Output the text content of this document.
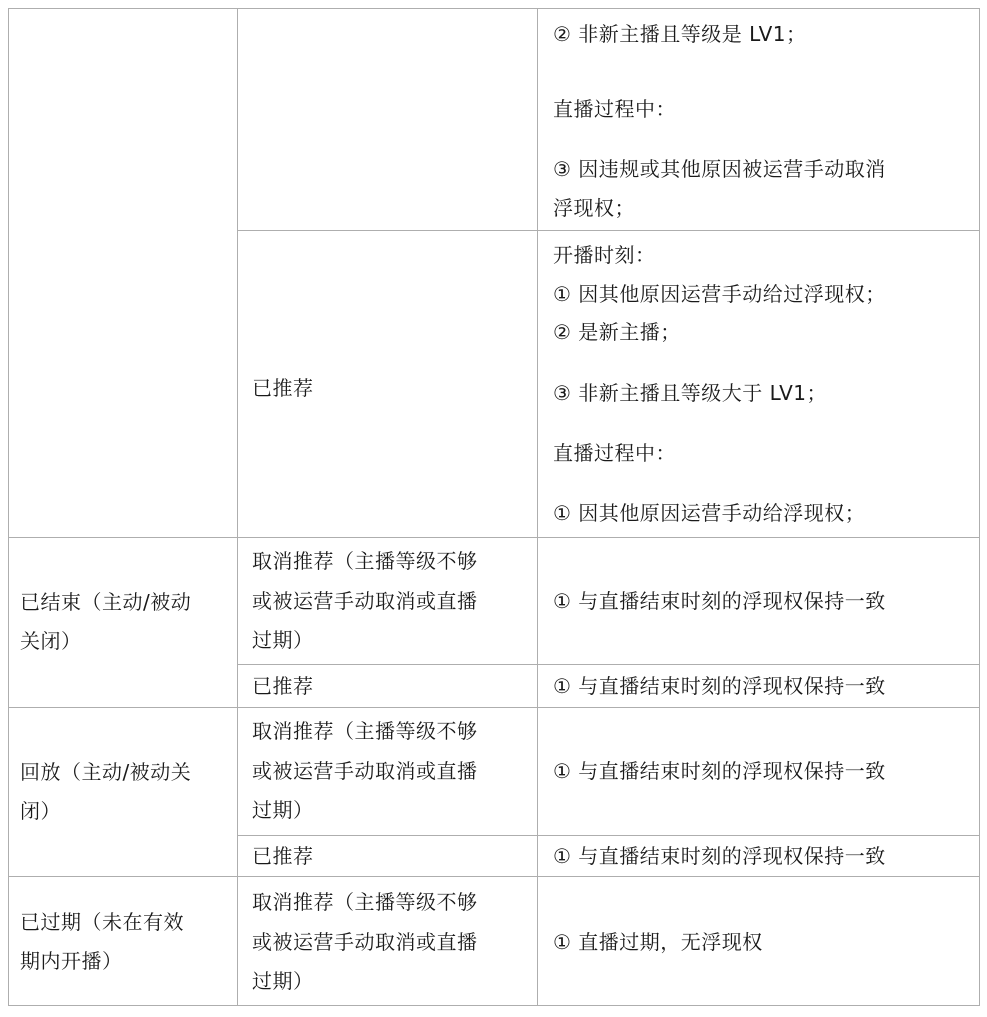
② 非新主播且等级是 LV1；
直播过程中：
③ 因违规或其他原因被运营手动取消
浮现权；
已推荐
开播时刻：
① 因其他原因运营手动给过浮现权；
② 是新主播；
③ 非新主播且等级大于 LV1；
直播过程中：
① 因其他原因运营手动给浮现权；
已结束（主动/被动
关闭）
取消推荐（主播等级不够
或被运营手动取消或直播
过期）
① 与直播结束时刻的浮现权保持一致
已推荐	① 与直播结束时刻的浮现权保持一致
回放（主动/被动关
闭）
取消推荐（主播等级不够
或被运营手动取消或直播
过期）
① 与直播结束时刻的浮现权保持一致
已推荐	① 与直播结束时刻的浮现权保持一致
已过期（未在有效
期内开播）
取消推荐（主播等级不够
或被运营手动取消或直播
过期）
① 直播过期，无浮现权
